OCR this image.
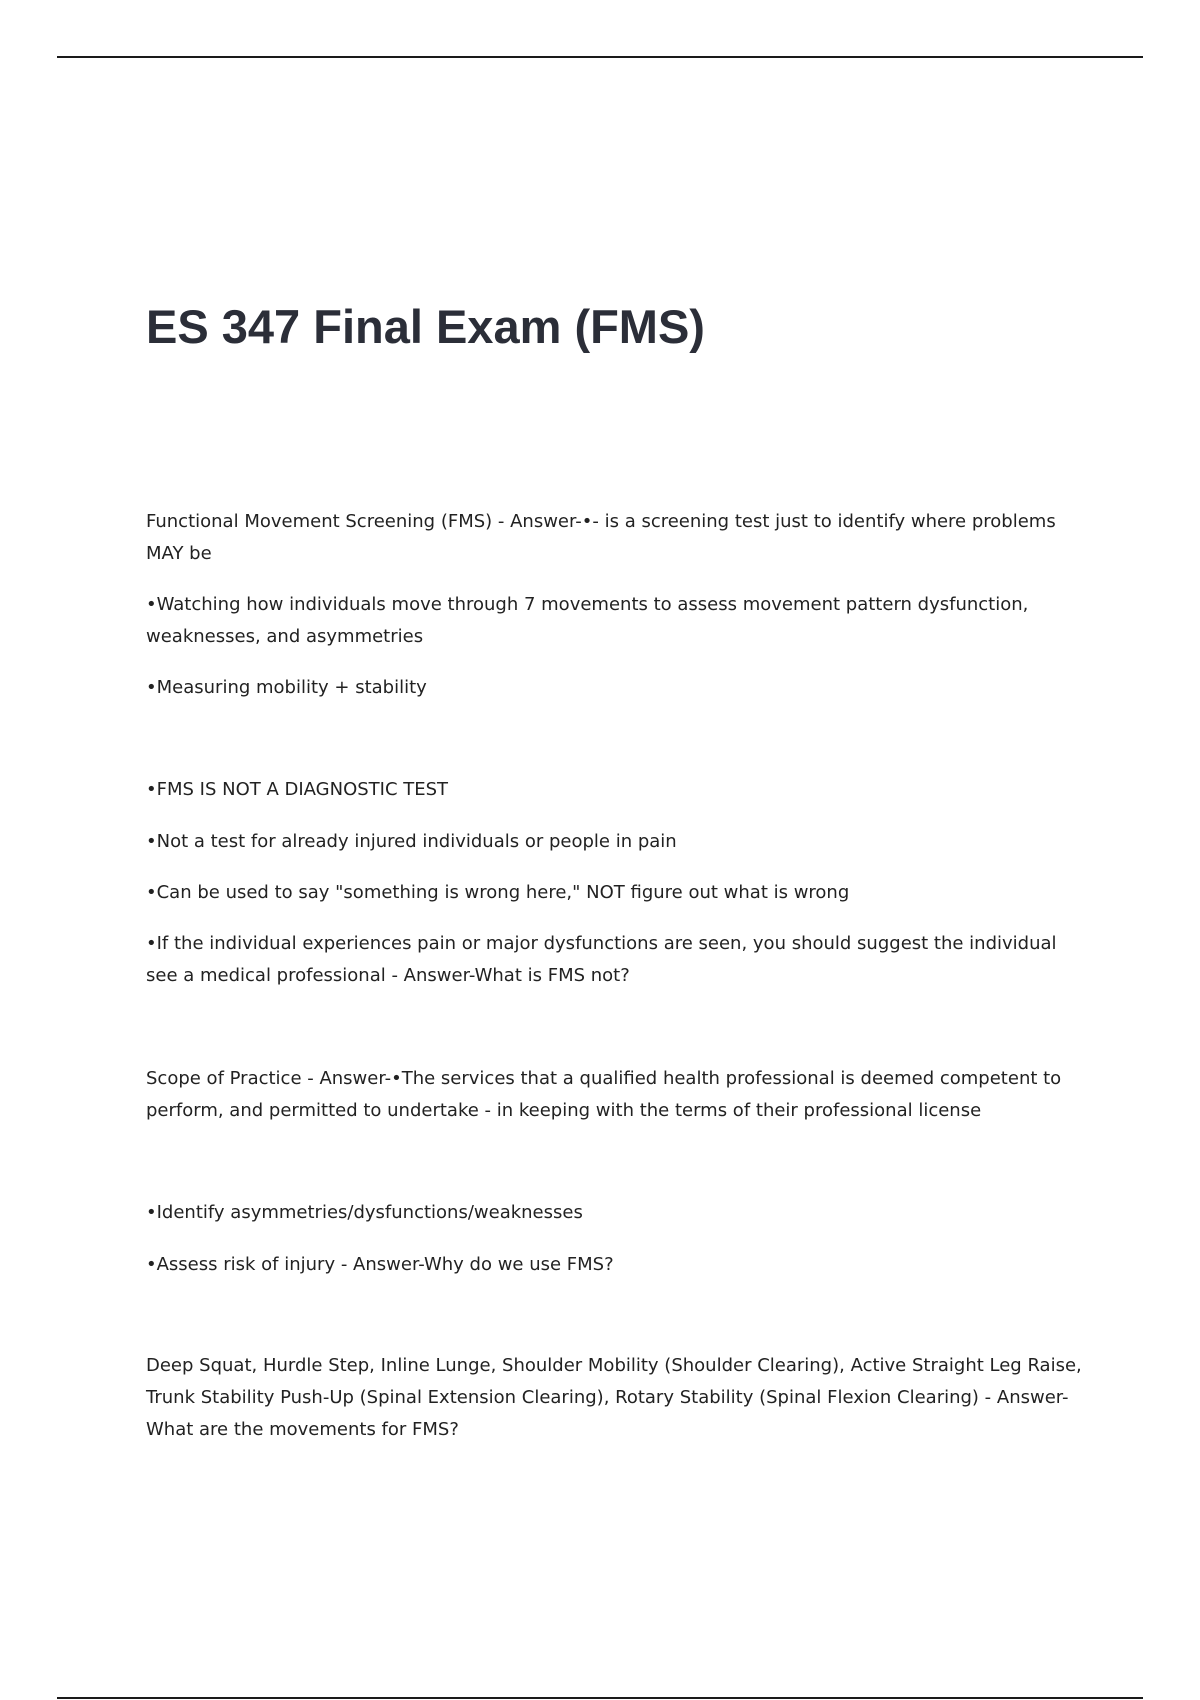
ES 347 Final Exam (FMS)

Functional Movement Screening (FMS) - Answer-•- is a screening test just to identify where problems MAY be

•Watching how individuals move through 7 movements to assess movement pattern dysfunction, weaknesses, and asymmetries

•Measuring mobility + stability

•FMS IS NOT A DIAGNOSTIC TEST

•Not a test for already injured individuals or people in pain

•Can be used to say "something is wrong here," NOT figure out what is wrong

•If the individual experiences pain or major dysfunctions are seen, you should suggest the individual see a medical professional - Answer-What is FMS not?

Scope of Practice - Answer-•The services that a qualified health professional is deemed competent to perform, and permitted to undertake - in keeping with the terms of their professional license

•Identify asymmetries/dysfunctions/weaknesses

•Assess risk of injury - Answer-Why do we use FMS?

Deep Squat, Hurdle Step, Inline Lunge, Shoulder Mobility (Shoulder Clearing), Active Straight Leg Raise, Trunk Stability Push-Up (Spinal Extension Clearing), Rotary Stability (Spinal Flexion Clearing) - Answer-What are the movements for FMS?
